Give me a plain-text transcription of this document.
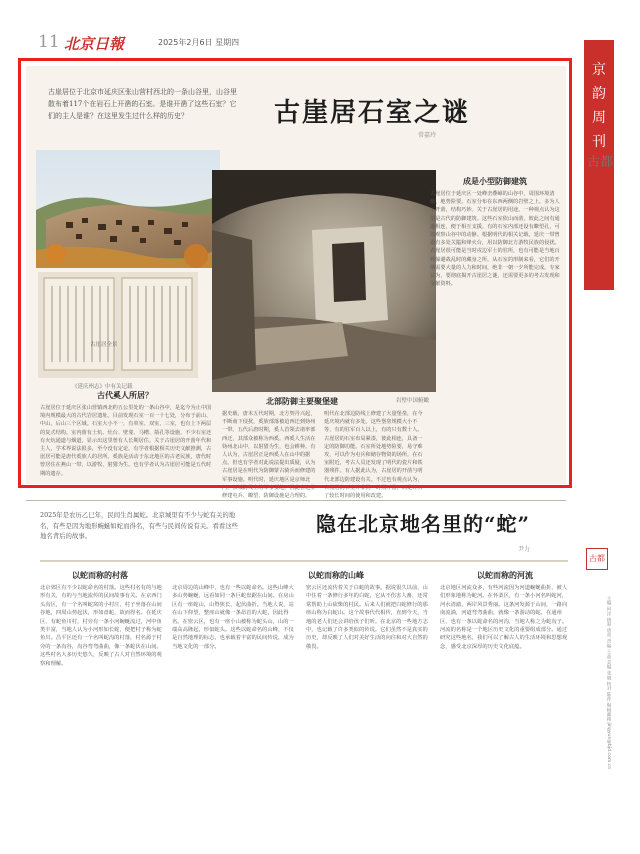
11 北京日報	2025年2月6日 星期四
京韵周刊
古都
古崖居位于北京市延庆区张山营村西北的一条山谷里，山谷里散布着117个在岩石上开凿的石室。是谁开凿了这些石室？它们的主人是谁？在这里发生过什么样的历史？	古崖居石室之谜
常嘉玲
《延庆州志》中有关记载
岩壁中国俯瞰
成是小型防御建筑
古崖居位于延庆区一处峰峦叠嶂的山谷中，周围环境清幽，地势险要。石室分布在东西两侧的岩壁之上，多为人工开凿，结构巧妙。关于古崖居的用途，一种观点认为这里是古代的防御建筑。这些石室依山而凿，彼此之间有通道相连，便于相互支援。有的石室内部还设有瞭望孔，可以观察山谷中的动静。根据明代的相关记载，延庆一带曾设有多处关隘和烽火台，用以防御北方游牧民族的侵扰。古崖居很可能是当时戍边军士的驻所，也有可能是当地百姓躲避战乱时的藏身之所。从石室的形制来看，它们的开凿需要大量的人力和时间，绝非一朝一夕所能完成。专家认为，要彻底揭开古崖居之谜，还需要更多的考古发现和文献资料。
古代奚人所居？
古崖居位于延庆区张山营镇西北约五公里处的一条山谷中，是迄今为止中国境内规模最大的古代岩居遗址。目前发现石室一百一十七处，分布于前山、中山、后山三个区域。石室大小不一，有单室、双室、三室，也有上下两层的复式结构。室内凿有土炕、灶台、壁龛、马槽、箭孔等设施，不少石室还有火炕通道与烟道，显示出这里曾有人长期居住。关于古崖居的开凿年代和主人，学术界说法很多，至今没有定论。有学者根据相关历史文献推测，古崖居可能是唐代奚族人的居所。奚族是活动于东北地区的古老民族，唐代时曾居住在燕山一带，以游牧、射猎为生。也有学者认为古崖居可能是五代时期的遗存。
北部防御主要聚堡建
据史载，唐末五代时期，北方契丹兴起，不断南下侵扰，奚族部落被迫西迁到妫州一带。五代后唐时期，奚人首领去诸率部西迁，其部众被称为西奚。西奚人生活在妫州北山中，以射猎为生，也会耕种。有人认为，古崖居正是西奚人在山中的据点。但也有学者对此说法提出质疑，认为古崖居是在明代为防御蒙古骑兵而修建的军事设施。明代时，延庆地区是京师北门，长城防线上的军事要地，因此在这里修建屯兵、瞭望、防御设施是合理的。
明代在北部边防线上修建了大量堡垒，在今延庆境内就有多处。这些堡垒规模大小不等，有的驻军百人以上，有的只有数十人。古崖居的石室布局紧凑，彼此相连，具备一定的防御功能。石室所处地势险要，易守难攻，可以作为屯兵和储存物资的场所。在石室附近，考古人员还发现了明代的瓷片和铁器残件。有人据此认为，古崖居的开凿与明代北部边防建设有关。不过也有观点认为，古崖居的石室并非同一时期开凿，而是经历了较长时间的使用和改建。
2025年是农历乙巳年，民间生肖属蛇。北京城里有不少与蛇有关的地名，有些是因为地形蜿蜒如蛇而得名，有些与民间传说有关。看看这些地名背后的故事。	隐在北京地名里的“蛇”
尹力
以蛇而称的村落
北京郊区有不少以蛇命名的村落。这些村名有的与地形有关，有的与当地流传的民间故事有关。在京西门头沟区，有一个名叫蛇窝的小村庄，村子坐落在山间谷地，四周山势起伏，形如盘蛇，故而得名。在延庆区，有蛇鱼川村，村旁有一条小河蜿蜒流过，河中鱼类丰富，当地人认为小河形如长蛇，便把村子称为蛇鱼川。昌平区还有一个名叫蛇沟的村落，村名源于村旁的一条沟谷，沟谷弯弯曲曲，像一条蛇伏在山间。这些村名大多历史悠久，反映了古人对自然环境的观察和理解。
以蛇而称的山峰
北京周边的山峰中，也有一些以蛇命名。这些山峰大多山势蜿蜒，远看如同一条巨蛇盘踞在山间。在房山区有一座蛇山，山脊狭长，起伏曲折。当地人说，站在山下仰望，整座山就像一条昂首的大蛇，因此得名。在密云区，也有一座小山被称为蛇头山，山的一端高高隆起，形似蛇头。这些以蛇命名的山峰，不仅是自然地理的标志，也承载着丰富的民间传说，成为当地文化的一部分。
密云区还流传着关于白蛇的故事。据说很久以前，山中住着一条修行多年的白蛇，它从不伤害人畜，还常常帮助上山砍柴的村民。后来人们就把白蛇修行的那座山称为白蛇山。这个故事代代相传，直到今天，当地的老人们还会讲给孩子们听。在北京的一些地方志中，也记载了许多类似的传说。它们虽然不是真实的历史，却反映了人们对美好生活的向往和对大自然的敬畏。
以蛇而称的河流
北京地区河流众多，有些河流因为河道蜿蜒曲折，被人们形象地称为蛇河。在怀柔区，有一条小河名叫蛇河，河水清澈，两岸风景秀丽。这条河发源于山间，一路向南流淌，河道弯弯曲曲，就像一条游动的蛇。在通州区，也有一条以蛇命名的河沟，当地人称之为蛇沟子。河流的名称是一个地区历史文化的重要组成部分。通过研究这些地名，我们可以了解古人的生活环境和思想观念，感受北京深厚的历史文化底蕴。
古都
主编 何洋 统筹 唐亮 责编 王晶 美编 张晓 校对 陈萍 编辑邮箱 jingyun@bjd.com.cn
古崖居全景
